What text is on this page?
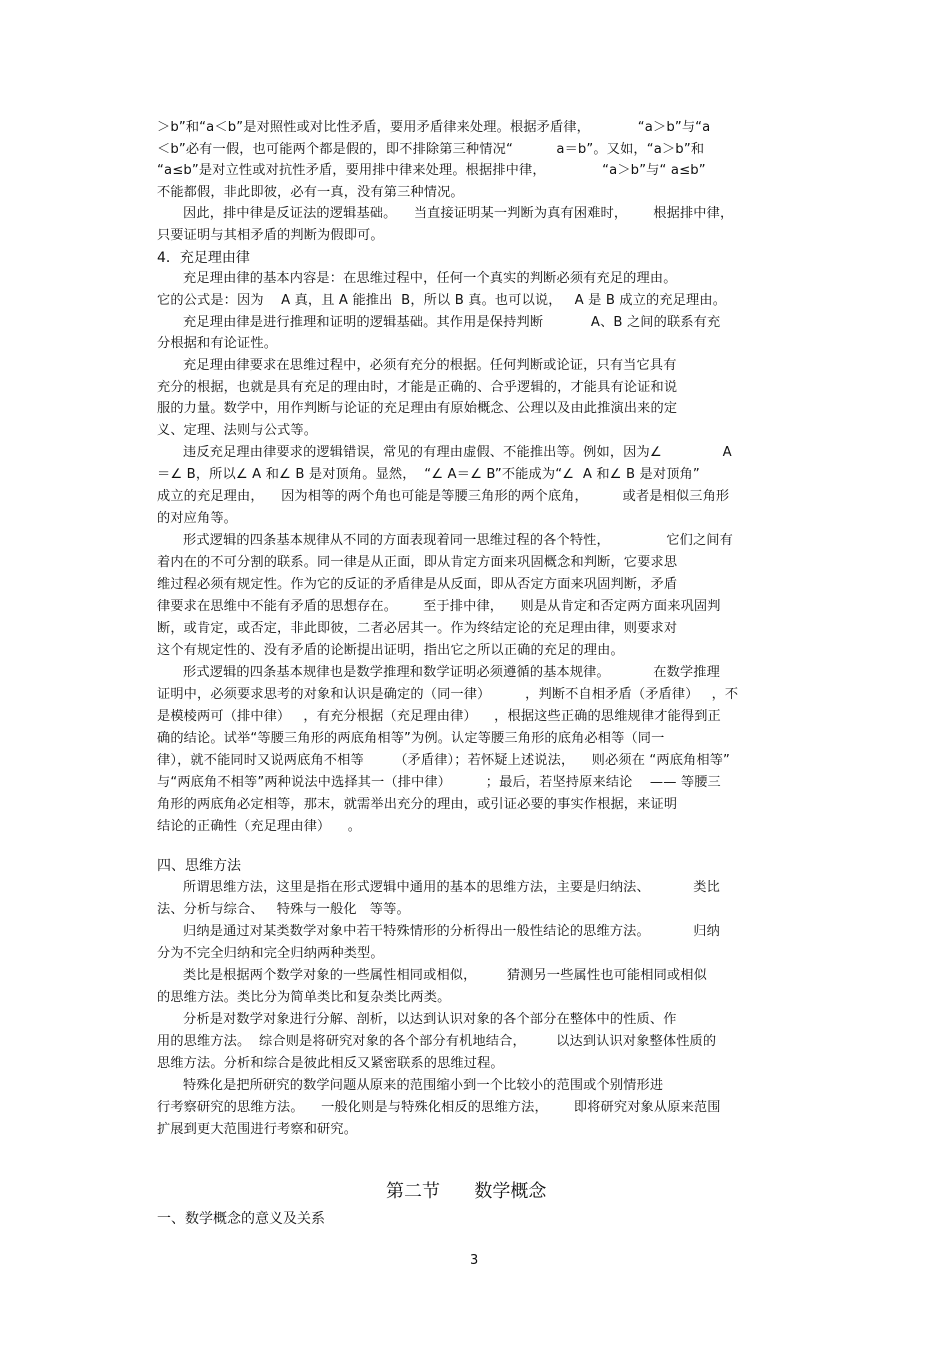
＞b”和“a＜b”是对照性或对比性矛盾，要用矛盾律来处理。根据矛盾律，           “a＞b”与“a
＜b”必有一假，也可能两个都是假的，即不排除第三种情况“          a＝b”。又如，“a＞b”和
“a≤b”是对立性或对抗性矛盾，要用排中律来处理。根据排中律，             “a＞b”与“ a≤b”
不能都假，非此即彼，必有一真，没有第三种情况。
因此，排中律是反证法的逻辑基础。    当直接证明某一判断为真有困难时，      根据排中律，
只要证明与其相矛盾的判断为假即可。
4．充足理由律
充足理由律的基本内容是：在思维过程中，任何一个真实的判断必须有充足的理由。
它的公式是：因为    A 真，且 A 能推出  B，所以 B 真。也可以说，   A 是 B 成立的充足理由。
充足理由律是进行推理和证明的逻辑基础。其作用是保持判断           A、B 之间的联系有充
分根据和有论证性。
充足理由律要求在思维过程中，必须有充分的根据。任何判断或论证，只有当它具有
充分的根据，也就是具有充足的理由时，才能是正确的、合乎逻辑的，才能具有论证和说
服的力量。数学中，用作判断与论证的充足理由有原始概念、公理以及由此推演出来的定
义、定理、法则与公式等。
违反充足理由律要求的逻辑错误，常见的有理由虚假、不能推出等。例如，因为∠              A
＝∠ B，所以∠ A 和∠ B 是对顶角。显然，  “∠ A＝∠ B”不能成为“∠  A 和∠ B 是对顶角”
成立的充足理由，    因为相等的两个角也可能是等腰三角形的两个底角，        或者是相似三角形
的对应角等。
形式逻辑的四条基本规律从不同的方面表现着同一思维过程的各个特性，             它们之间有
着内在的不可分割的联系。同一律是从正面，即从肯定方面来巩固概念和判断，它要求思
维过程必须有规定性。作为它的反证的矛盾律是从反面，即从否定方面来巩固判断，矛盾
律要求在思维中不能有矛盾的思想存在。      至于排中律，    则是从肯定和否定两方面来巩固判
断，或肯定，或否定，非此即彼，二者必居其一。作为终结定论的充足理由律，则要求对
这个有规定性的、没有矛盾的论断提出证明，指出它之所以正确的充足的理由。
形式逻辑的四条基本规律也是数学推理和数学证明必须遵循的基本规律。          在数学推理
证明中，必须要求思考的对象和认识是确定的（同一律）        ，判断不自相矛盾（矛盾律）   ，不
是模棱两可（排中律）   ，有充分根据（充足理由律）    ，根据这些正确的思维规律才能得到正
确的结论。试举“等腰三角形的两底角相等”为例。认定等腰三角形的底角必相等（同一
律），就不能同时又说两底角不相等       （矛盾律）；若怀疑上述说法，    则必须在 “两底角相等”
与“两底角不相等”两种说法中选择其一（排中律）        ；最后，若坚持原来结论    —— 等腰三
角形的两底角必定相等，那末，就需举出充分的理由，或引证必要的事实作根据，来证明
结论的正确性（充足理由律）    。
四、思维方法
所谓思维方法，这里是指在形式逻辑中通用的基本的思维方法，主要是归纳法、          类比
法、分析与综合、   特殊与一般化   等等。
归纳是通过对某类数学对象中若干特殊情形的分析得出一般性结论的思维方法。          归纳
分为不完全归纳和完全归纳两种类型。
类比是根据两个数学对象的一些属性相同或相似，       猜测另一些属性也可能相同或相似
的思维方法。类比分为简单类比和复杂类比两类。
分析是对数学对象进行分解、剖析，以达到认识对象的各个部分在整体中的性质、作
用的思维方法。  综合则是将研究对象的各个部分有机地结合，       以达到认识对象整体性质的
思维方法。分析和综合是彼此相反又紧密联系的思维过程。
特殊化是把所研究的数学问题从原来的范围缩小到一个比较小的范围或个别情形进
行考察研究的思维方法。    一般化则是与特殊化相反的思维方法，      即将研究对象从原来范围
扩展到更大范围进行考察和研究。
第二节      数学概念
一、数学概念的意义及关系
3
